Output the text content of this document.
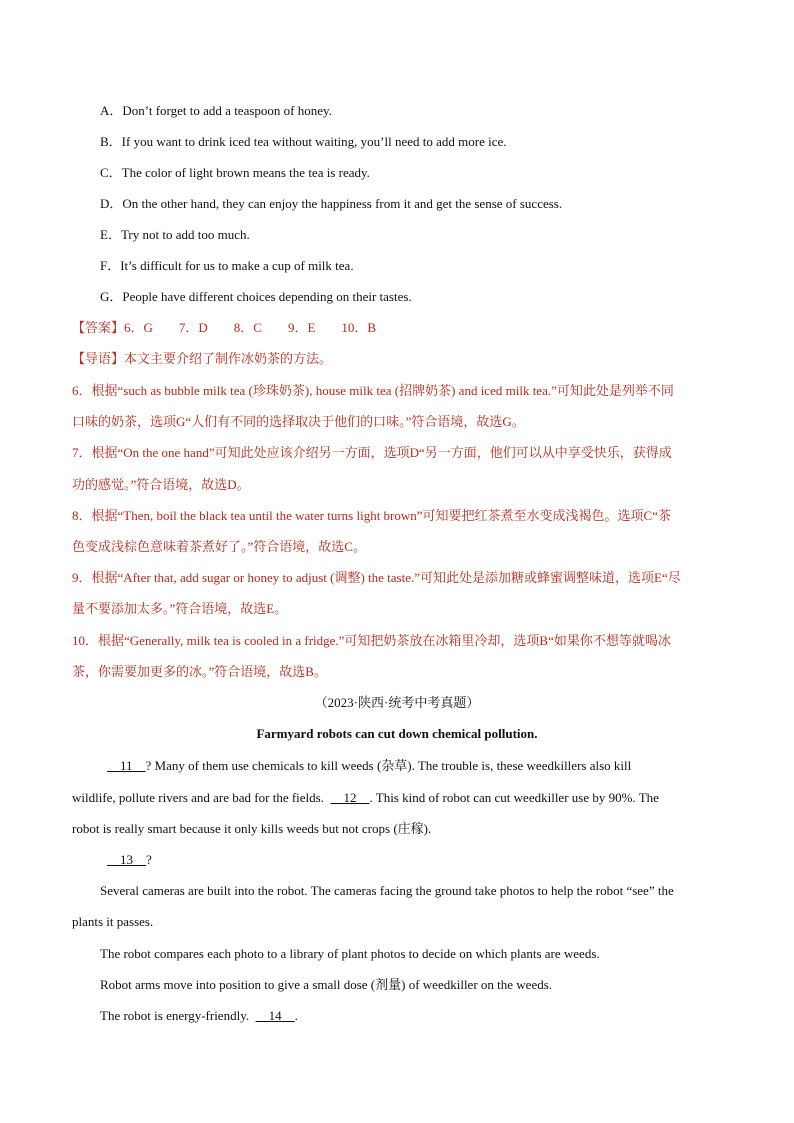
A．Don’t forget to add a teaspoon of honey.
B．If you want to drink iced tea without waiting, you’ll need to add more ice.
C．The color of light brown means the tea is ready.
D．On the other hand, they can enjoy the happiness from it and get the sense of success.
E．Try not to add too much.
F．It’s difficult for us to make a cup of milk tea.
G．People have different choices depending on their tastes.
【答案】6．G　　7．D　　8．C　　9．E　　10．B
【导语】本文主要介绍了制作冰奶茶的方法。
6．根据“such as bubble milk tea (珍珠奶茶), house milk tea (招牌奶茶) and iced milk tea.”可知此处是列举不同
口味的奶茶，选项G“人们有不同的选择取决于他们的口味。”符合语境，故选G。
7．根据“On the one hand”可知此处应该介绍另一方面，选项D“另一方面，他们可以从中享受快乐，获得成
功的感觉。”符合语境，故选D。
8．根据“Then, boil the black tea until the water turns light brown”可知要把红茶煮至水变成浅褐色。选项C“茶
色变成浅棕色意味着茶煮好了。”符合语境，故选C。
9．根据“After that, add sugar or honey to adjust (调整) the taste.”可知此处是添加糖或蜂蜜调整味道，选项E“尽
量不要添加太多。”符合语境，故选E。
10．根据“Generally, milk tea is cooled in a fridge.”可知把奶茶放在冰箱里冷却，选项B“如果你不想等就喝冰
茶，你需要加更多的冰。”符合语境，故选B。
（2023·陕西·统考中考真题）
Farmyard robots can cut down chemical pollution.
11 ? Many of them use chemicals to kill weeds (杂草). The trouble is, these weedkillers also kill
wildlife, pollute rivers and are bad for the fields. 12 . This kind of robot can cut weedkiller use by 90%. The
robot is really smart because it only kills weeds but not crops (庄稼).
13 ?
Several cameras are built into the robot. The cameras facing the ground take photos to help the robot “see” the
plants it passes.
The robot compares each photo to a library of plant photos to decide on which plants are weeds.
Robot arms move into position to give a small dose (剂量) of weedkiller on the weeds.
The robot is energy-friendly. 14 .
